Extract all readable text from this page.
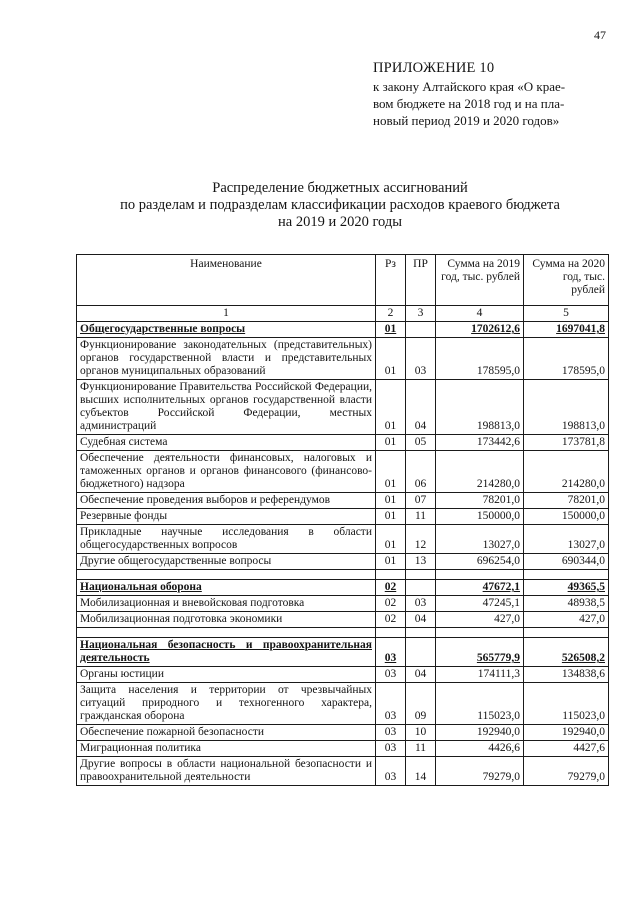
47
ПРИЛОЖЕНИЕ 10
к закону Алтайского края «О крае-
вом бюджете на 2018 год и на пла-
новый период 2019 и 2020 годов»
Распределение бюджетных ассигнований
по разделам и подразделам классификации расходов краевого бюджета
на 2019 и 2020 годы
Наименование	Рз	ПР	Сумма на 2019 год, тыс. рублей	Сумма на 2020 год, тыс. рублей
1	2	3	4	5
Общегосударственные вопросы	01		1702612,6	1697041,8
Функционирование законодательных (представительных) органов государственной власти и представительных органов муниципальных образований	01	03	178595,0	178595,0
Функционирование Правительства Российской Федерации, высших исполнительных органов государственной власти субъектов Российской Федерации, местных администраций	01	04	198813,0	198813,0
Судебная система	01	05	173442,6	173781,8
Обеспечение деятельности финансовых, налоговых и таможенных органов и органов финансового (финансово-бюджетного) надзора	01	06	214280,0	214280,0
Обеспечение проведения выборов и референдумов	01	07	78201,0	78201,0
Резервные фонды	01	11	150000,0	150000,0
Прикладные научные исследования в области общегосударственных вопросов	01	12	13027,0	13027,0
Другие общегосударственные вопросы	01	13	696254,0	690344,0

Национальная оборона	02		47672,1	49365,5
Мобилизационная и вневойсковая подготовка	02	03	47245,1	48938,5
Мобилизационная подготовка экономики	02	04	427,0	427,0

Национальная безопасность и правоохранительная деятельность	03		565779,9	526508,2
Органы юстиции	03	04	174111,3	134838,6
Защита населения и территории от чрезвычайных ситуаций природного и техногенного характера, гражданская оборона	03	09	115023,0	115023,0
Обеспечение пожарной безопасности	03	10	192940,0	192940,0
Миграционная политика	03	11	4426,6	4427,6
Другие вопросы в области национальной безопасности и правоохранительной деятельности	03	14	79279,0	79279,0
